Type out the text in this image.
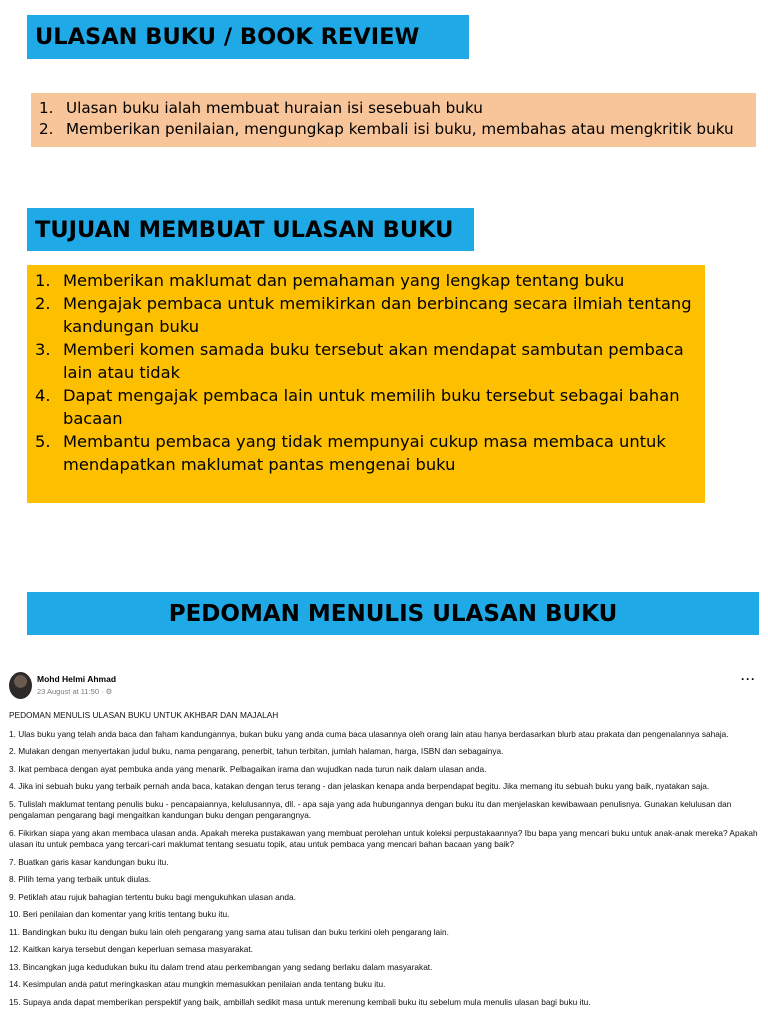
ULASAN BUKU / BOOK REVIEW
1. Ulasan buku ialah membuat huraian isi sesebuah buku
2. Memberikan penilaian, mengungkap kembali isi buku, membahas atau mengkritik buku
TUJUAN MEMBUAT ULASAN BUKU
1. Memberikan maklumat dan pemahaman yang lengkap tentang buku
2. Mengajak pembaca untuk memikirkan dan berbincang secara ilmiah tentang kandungan buku
3. Memberi komen samada buku tersebut akan mendapat sambutan pembaca lain atau tidak
4. Dapat mengajak pembaca lain untuk memilih buku tersebut sebagai bahan bacaan
5. Membantu pembaca yang tidak mempunyai cukup masa membaca untuk mendapatkan maklumat pantas mengenai buku
PEDOMAN MENULIS ULASAN BUKU
Mohd Helmi Ahmad
23 August at 11:50 · ⚙
···
PEDOMAN MENULIS ULASAN BUKU UNTUK AKHBAR DAN MAJALAH
1. Ulas buku yang telah anda baca dan faham kandungannya, bukan buku yang anda cuma baca ulasannya oleh orang lain atau hanya berdasarkan blurb atau prakata dan pengenalannya sahaja.
2. Mulakan dengan menyertakan judul buku, nama pengarang, penerbit, tahun terbitan, jumlah halaman, harga, ISBN dan sebagainya.
3. Ikat pembaca dengan ayat pembuka anda yang menarik. Pelbagaikan irama dan wujudkan nada turun naik dalam ulasan anda.
4. Jika ini sebuah buku yang terbaik pernah anda baca, katakan dengan terus terang - dan jelaskan kenapa anda berpendapat begitu. Jika memang itu sebuah buku yang baik, nyatakan saja.
5. Tulislah maklumat tentang penulis buku - pencapaiannya, kelulusannya, dll. - apa saja yang ada hubungannya dengan buku itu dan menjelaskan kewibawaan penulisnya. Gunakan kelulusan dan pengalaman pengarang bagi mengaitkan kandungan buku dengan pengarangnya.
6. Fikirkan siapa yang akan membaca ulasan anda. Apakah mereka pustakawan yang membuat perolehan untuk koleksi perpustakaannya? Ibu bapa yang mencari buku untuk anak-anak mereka? Apakah ulasan itu untuk pembaca yang tercari-cari maklumat tentang sesuatu topik, atau untuk pembaca yang mencari bahan bacaan yang baik?
7. Buatkan garis kasar kandungan buku itu.
8. Pilih tema yang terbaik untuk diulas.
9. Petiklah atau rujuk bahagian tertentu buku bagi mengukuhkan ulasan anda.
10. Beri penilaian dan komentar yang kritis tentang buku itu.
11. Bandingkan buku itu dengan buku lain oleh pengarang yang sama atau tulisan dan buku terkini oleh pengarang lain.
12. Kaitkan karya tersebut dengan keperluan semasa masyarakat.
13. Bincangkan juga kedudukan buku itu dalam trend atau perkembangan yang sedang berlaku dalam masyarakat.
14. Kesimpulan anda patut meringkaskan atau mungkin memasukkan penilaian anda tentang buku itu.
15. Supaya anda dapat memberikan perspektif yang baik, ambillah sedikit masa untuk merenung kembali buku itu sebelum mula menulis ulasan bagi buku itu.
